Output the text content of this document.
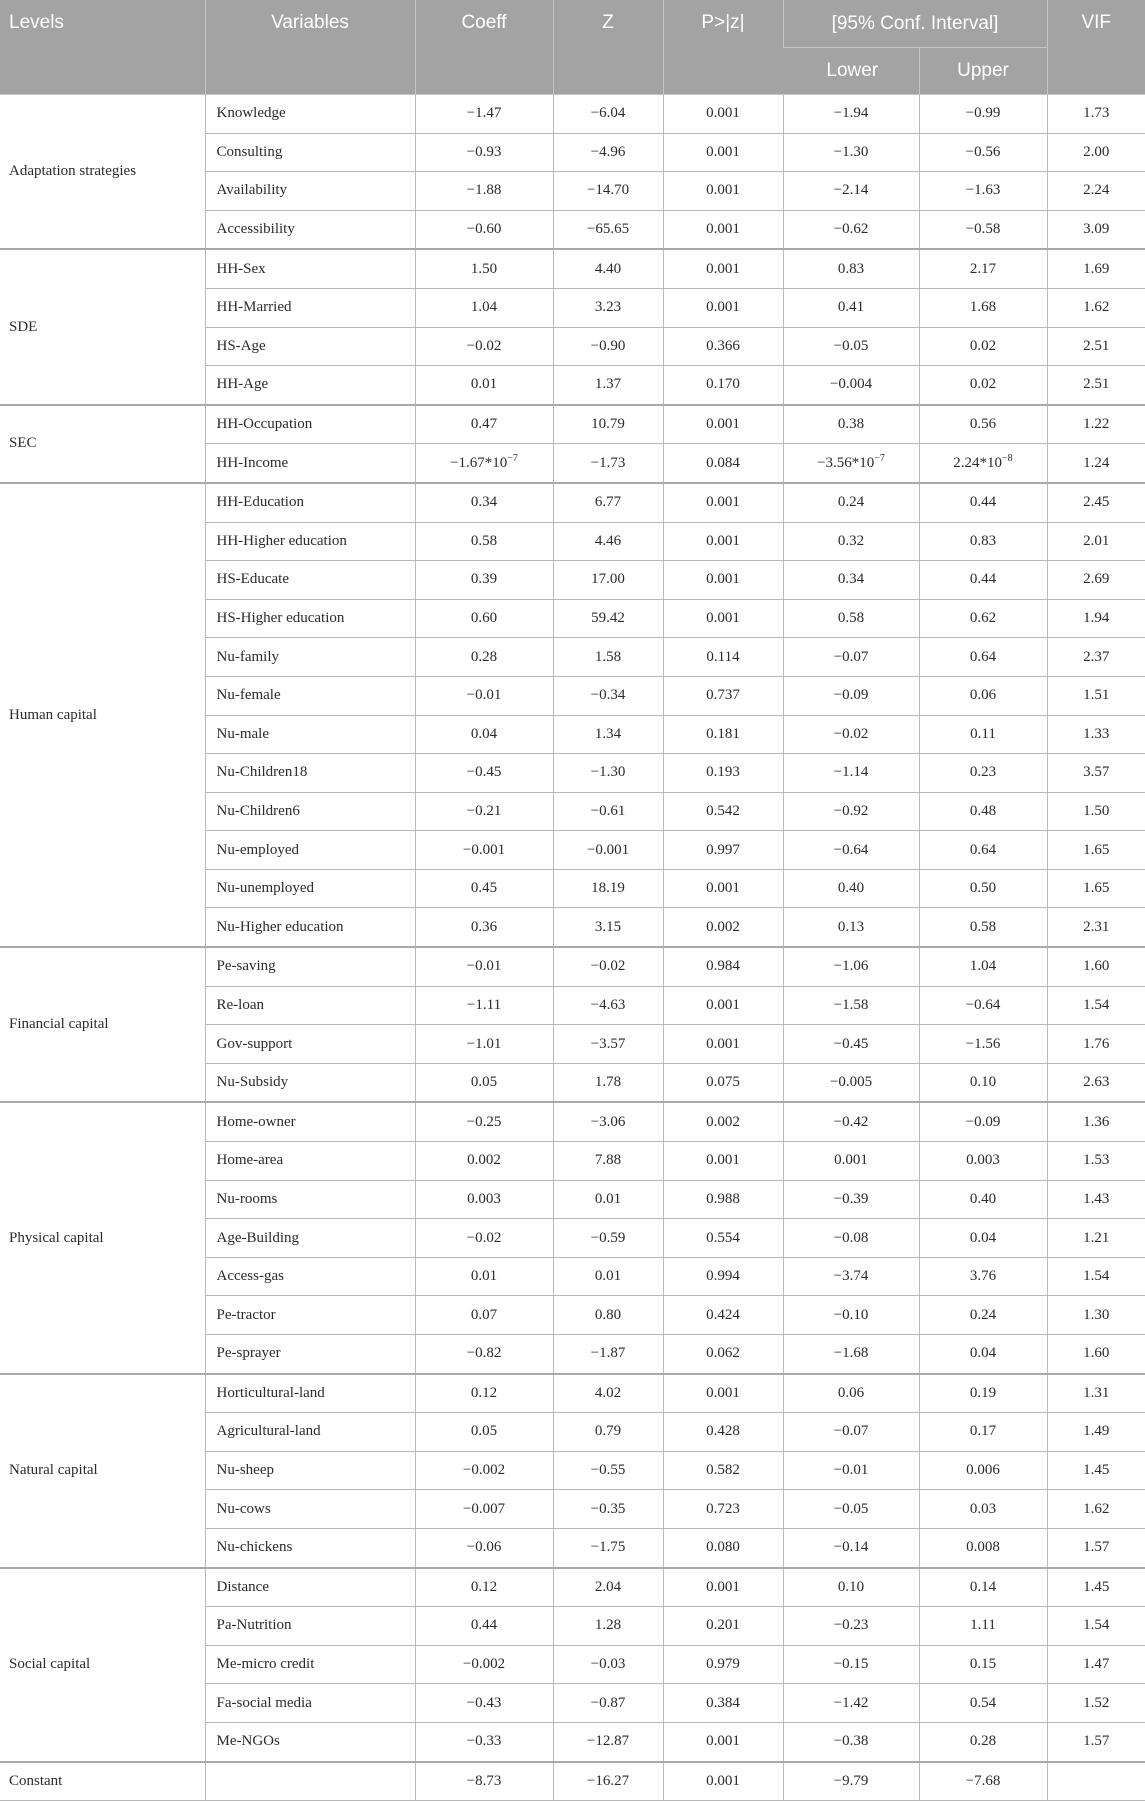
Levels	Variables	Coeff	Z	P>|z|	[95% Conf. Interval]		VIF
					Lower	Upper	
Adaptation strategies	Knowledge	−1.47	−6.04	0.001	−1.94	−0.99	1.73
	Consulting	−0.93	−4.96	0.001	−1.30	−0.56	2.00
	Availability	−1.88	−14.70	0.001	−2.14	−1.63	2.24
	Accessibility	−0.60	−65.65	0.001	−0.62	−0.58	3.09
SDE	HH-Sex	1.50	4.40	0.001	0.83	2.17	1.69
	HH-Married	1.04	3.23	0.001	0.41	1.68	1.62
	HS-Age	−0.02	−0.90	0.366	−0.05	0.02	2.51
	HH-Age	0.01	1.37	0.170	−0.004	0.02	2.51
SEC	HH-Occupation	0.47	10.79	0.001	0.38	0.56	1.22
	HH-Income	$-1.67*10^{-7}$	−1.73	0.084	$-3.56*10^{-7}$	$2.24*10^{-8}$	1.24
Human capital	HH-Education	0.34	6.77	0.001	0.24	0.44	2.45
	HH-Higher education	0.58	4.46	0.001	0.32	0.83	2.01
	HS-Educate	0.39	17.00	0.001	0.34	0.44	2.69
	HS-Higher education	0.60	59.42	0.001	0.58	0.62	1.94
	Nu-family	0.28	1.58	0.114	−0.07	0.64	2.37
	Nu-female	−0.01	−0.34	0.737	−0.09	0.06	1.51
	Nu-male	0.04	1.34	0.181	−0.02	0.11	1.33
	Nu-Children18	−0.45	−1.30	0.193	−1.14	0.23	3.57
	Nu-Children6	−0.21	−0.61	0.542	−0.92	0.48	1.50
	Nu-employed	−0.001	−0.001	0.997	−0.64	0.64	1.65
	Nu-unemployed	0.45	18.19	0.001	0.40	0.50	1.65
	Nu-Higher education	0.36	3.15	0.002	0.13	0.58	2.31
Financial capital	Pe-saving	−0.01	−0.02	0.984	−1.06	1.04	1.60
	Re-loan	−1.11	−4.63	0.001	−1.58	−0.64	1.54
	Gov-support	−1.01	−3.57	0.001	−0.45	−1.56	1.76
	Nu-Subsidy	0.05	1.78	0.075	−0.005	0.10	2.63
Physical capital	Home-owner	−0.25	−3.06	0.002	−0.42	−0.09	1.36
	Home-area	0.002	7.88	0.001	0.001	0.003	1.53
	Nu-rooms	0.003	0.01	0.988	−0.39	0.40	1.43
	Age-Building	−0.02	−0.59	0.554	−0.08	0.04	1.21
	Access-gas	0.01	0.01	0.994	−3.74	3.76	1.54
	Pe-tractor	0.07	0.80	0.424	−0.10	0.24	1.30
	Pe-sprayer	−0.82	−1.87	0.062	−1.68	0.04	1.60
Natural capital	Horticultural-land	0.12	4.02	0.001	0.06	0.19	1.31
	Agricultural-land	0.05	0.79	0.428	−0.07	0.17	1.49
	Nu-sheep	−0.002	−0.55	0.582	−0.01	0.006	1.45
	Nu-cows	−0.007	−0.35	0.723	−0.05	0.03	1.62
	Nu-chickens	−0.06	−1.75	0.080	−0.14	0.008	1.57
Social capital	Distance	0.12	2.04	0.001	0.10	0.14	1.45
	Pa-Nutrition	0.44	1.28	0.201	−0.23	1.11	1.54
	Me-micro credit	−0.002	−0.03	0.979	−0.15	0.15	1.47
	Fa-social media	−0.43	−0.87	0.384	−1.42	0.54	1.52
	Me-NGOs	−0.33	−12.87	0.001	−0.38	0.28	1.57
Constant		−8.73	−16.27	0.001	−9.79	−7.68	
